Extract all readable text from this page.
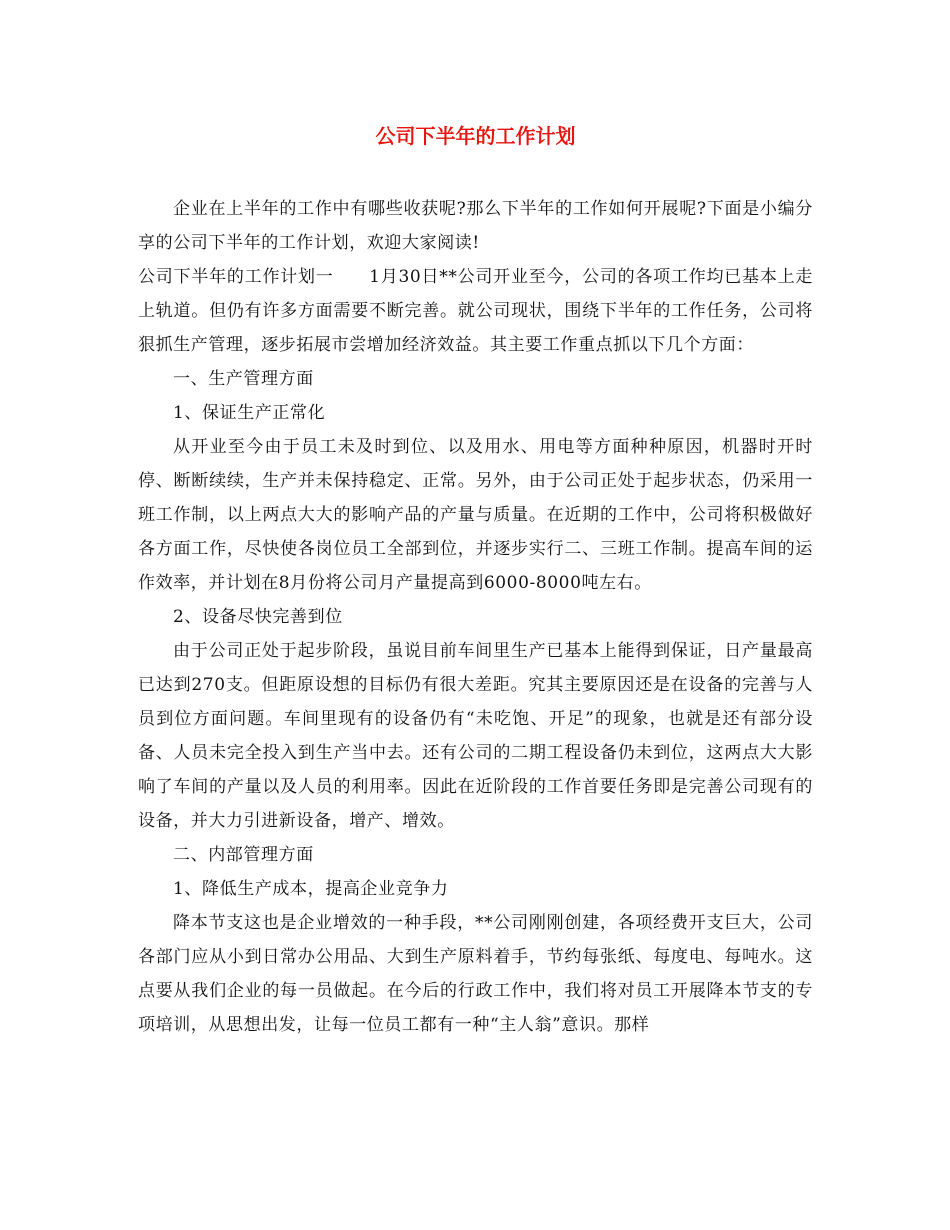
公司下半年的工作计划

企业在上半年的工作中有哪些收获呢?那么下半年的工作如何开展呢?下面是小编分享的公司下半年的工作计划，欢迎大家阅读!

公司下半年的工作计划一　　1月30日**公司开业至今，公司的各项工作均已基本上走上轨道。但仍有许多方面需要不断完善。就公司现状，围绕下半年的工作任务，公司将狠抓生产管理，逐步拓展市尝增加经济效益。其主要工作重点抓以下几个方面：

一、生产管理方面

1、保证生产正常化

从开业至今由于员工未及时到位、以及用水、用电等方面种种原因，机器时开时停、断断续续，生产并未保持稳定、正常。另外，由于公司正处于起步状态，仍采用一班工作制，以上两点大大的影响产品的产量与质量。在近期的工作中，公司将积极做好各方面工作，尽快使各岗位员工全部到位，并逐步实行二、三班工作制。提高车间的运作效率，并计划在8月份将公司月产量提高到6000-8000吨左右。

2、设备尽快完善到位

由于公司正处于起步阶段，虽说目前车间里生产已基本上能得到保证，日产量最高已达到270支。但距原设想的目标仍有很大差距。究其主要原因还是在设备的完善与人员到位方面问题。车间里现有的设备仍有“未吃饱、开足”的现象，也就是还有部分设备、人员未完全投入到生产当中去。还有公司的二期工程设备仍未到位，这两点大大影响了车间的产量以及人员的利用率。因此在近阶段的工作首要任务即是完善公司现有的设备，并大力引进新设备，增产、增效。

二、内部管理方面

1、降低生产成本，提高企业竞争力

降本节支这也是企业增效的一种手段，**公司刚刚创建，各项经费开支巨大，公司各部门应从小到日常办公用品、大到生产原料着手，节约每张纸、每度电、每吨水。这点要从我们企业的每一员做起。在今后的行政工作中，我们将对员工开展降本节支的专项培训，从思想出发，让每一位员工都有一种“主人翁”意识。那样
